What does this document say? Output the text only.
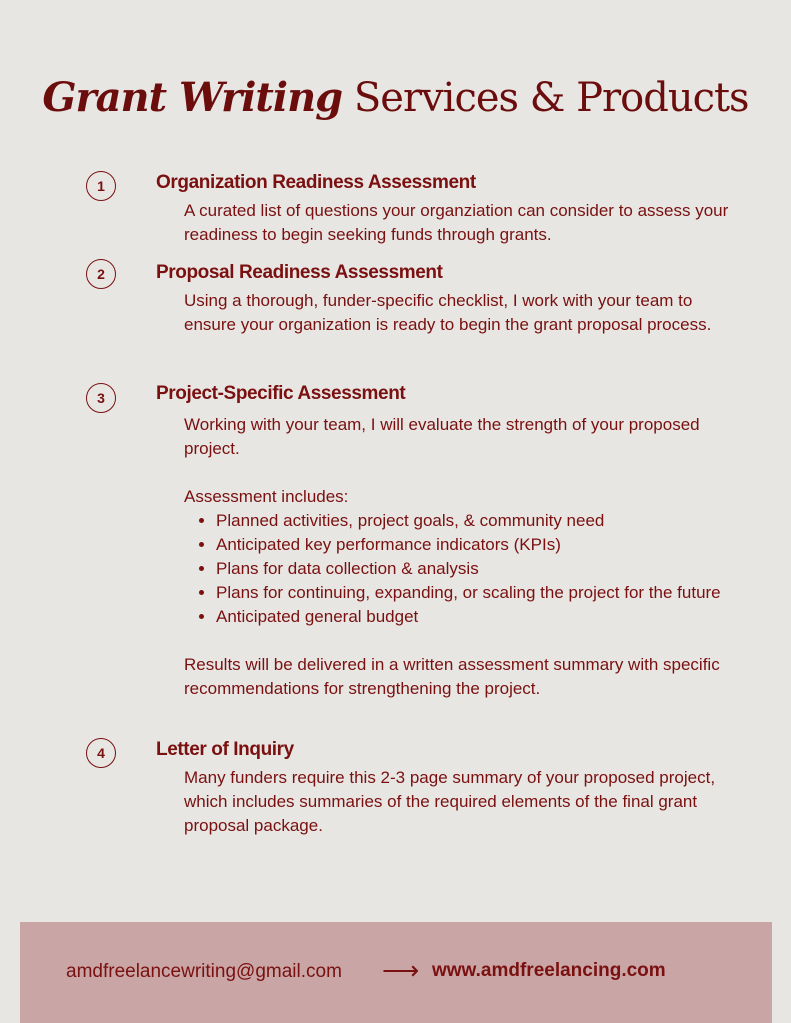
Grant Writing Services & Products
1	Organization Readiness Assessment

A curated list of questions your organziation can consider to assess your readiness to begin seeking funds through grants.

2	Proposal Readiness Assessment

Using a thorough, funder-specific checklist, I work with your team to ensure your organization is ready to begin the grant proposal process.

3	Project-Specific Assessment

Working with your team, I will evaluate the strength of your proposed project.

Assessment includes:

• Planned activities, project goals, & community need
• Anticipated key performance indicators (KPIs)
• Plans for data collection & analysis
• Plans for continuing, expanding, or scaling the project for the future
• Anticipated general budget

Results will be delivered in a written assessment summary with specific recommendations for strengthening the project.

4	Letter of Inquiry

Many funders require this 2-3 page summary of your proposed project, which includes summaries of the required elements of the final grant proposal package.

amdfreelancewriting@gmail.com ⟶ www.amdfreelancing.com
